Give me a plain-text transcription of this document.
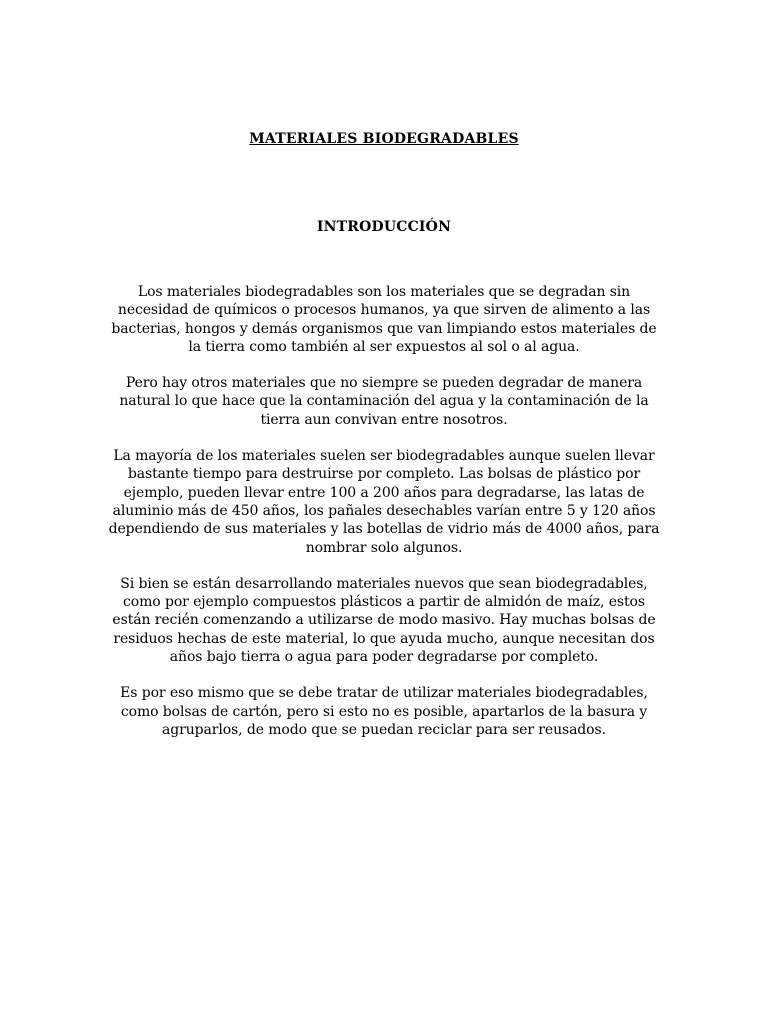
MATERIALES BIODEGRADABLES
INTRODUCCIÓN

Los materiales biodegradables son los materiales que se degradan sin necesidad de químicos o procesos humanos, ya que sirven de alimento a las bacterias, hongos y demás organismos que van limpiando estos materiales de la tierra como también al ser expuestos al sol o al agua.

Pero hay otros materiales que no siempre se pueden degradar de manera natural lo que hace que la contaminación del agua y la contaminación de la tierra aun convivan entre nosotros.

La mayoría de los materiales suelen ser biodegradables aunque suelen llevar bastante tiempo para destruirse por completo. Las bolsas de plástico por ejemplo, pueden llevar entre 100 a 200 años para degradarse, las latas de aluminio más de 450 años, los pañales desechables varían entre 5 y 120 años dependiendo de sus materiales y las botellas de vidrio más de 4000 años, para nombrar solo algunos.

Si bien se están desarrollando materiales nuevos que sean biodegradables, como por ejemplo compuestos plásticos a partir de almidón de maíz, estos están recién comenzando a utilizarse de modo masivo. Hay muchas bolsas de residuos hechas de este material, lo que ayuda mucho, aunque necesitan dos años bajo tierra o agua para poder degradarse por completo.

Es por eso mismo que se debe tratar de utilizar materiales biodegradables, como bolsas de cartón, pero si esto no es posible, apartarlos de la basura y agruparlos, de modo que se puedan reciclar para ser reusados.
